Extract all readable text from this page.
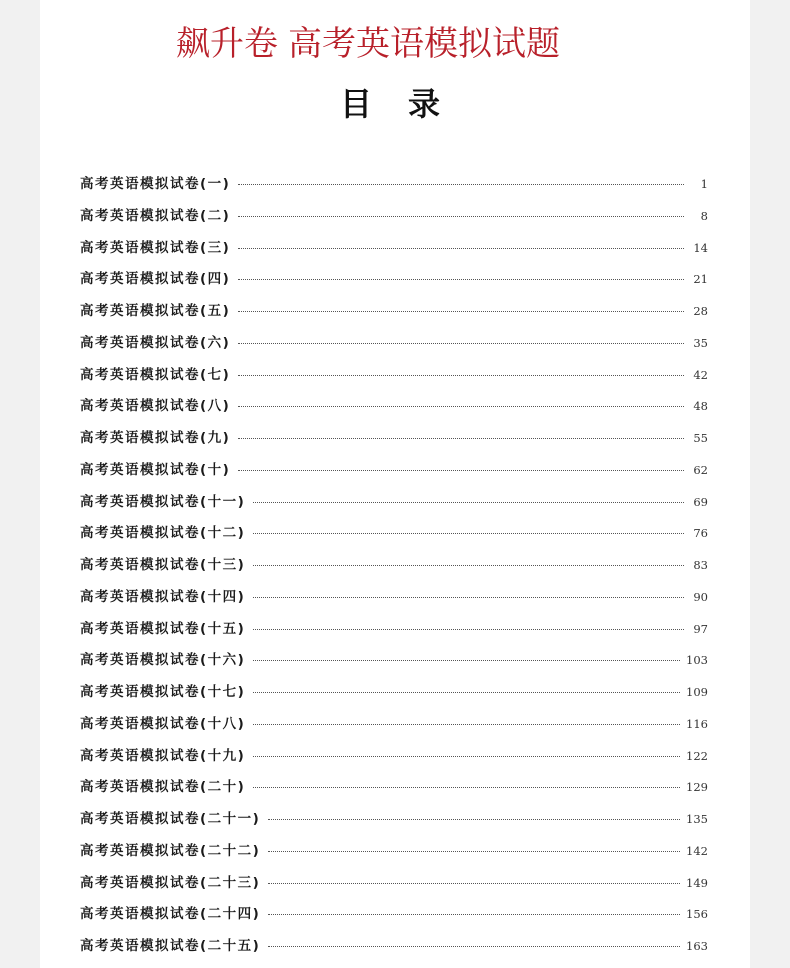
飙升卷 高考英语模拟试题
目录
高考英语模拟试卷(一)	1
高考英语模拟试卷(二)	8
高考英语模拟试卷(三)	14
高考英语模拟试卷(四)	21
高考英语模拟试卷(五)	28
高考英语模拟试卷(六)	35
高考英语模拟试卷(七)	42
高考英语模拟试卷(八)	48
高考英语模拟试卷(九)	55
高考英语模拟试卷(十)	62
高考英语模拟试卷(十一)	69
高考英语模拟试卷(十二)	76
高考英语模拟试卷(十三)	83
高考英语模拟试卷(十四)	90
高考英语模拟试卷(十五)	97
高考英语模拟试卷(十六)	103
高考英语模拟试卷(十七)	109
高考英语模拟试卷(十八)	116
高考英语模拟试卷(十九)	122
高考英语模拟试卷(二十)	129
高考英语模拟试卷(二十一)	135
高考英语模拟试卷(二十二)	142
高考英语模拟试卷(二十三)	149
高考英语模拟试卷(二十四)	156
高考英语模拟试卷(二十五)	163
